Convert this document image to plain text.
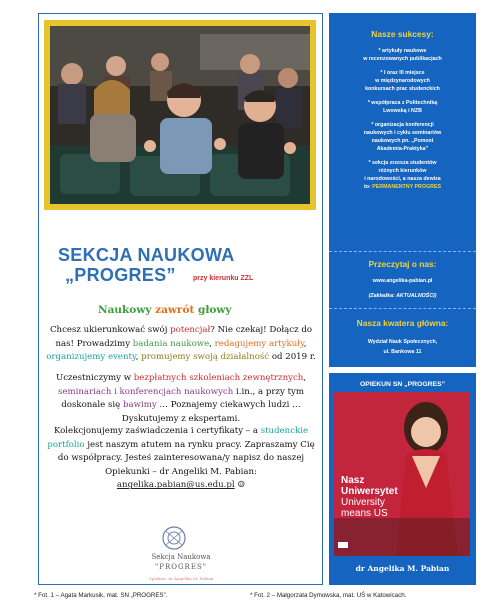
SEKCJA NAUKOWA
„PROGRES” przy kierunku ZZL
Naukowy zawrót głowy
Chcesz ukierunkować swój potencjał? Nie czekaj! Dołącz do nas! Prowadzimy badania naukowe, redagujemy artykuły, organizujemy eventy, promujemy swoją działalność od 2019 r.
Uczestniczymy w bezpłatnych szkoleniach zewnętrznych, seminariach i konferencjach naukowych i.in., a przy tym doskonale się bawimy … Poznajemy ciekawych ludzi … Dyskutujemy z ekspertami.
Kolekcjonujemy zaświadczenia i certyfikaty – a studenckie portfolio jest naszym atutem na rynku pracy. Zapraszamy Cię do współpracy. Jesteś zainteresowana/y napisz do naszej Opiekunki – dr Angeliki M. Pabian:
angelika.pabian@us.edu.pl ☺
Sekcja Naukowa
"PROGRES"
Opiekun: dr Angelika M. Pabian
Nasze sukcesy:
* artykuły naukowe
w recenzowanych publikacjach
* I oraz III miejsce
w międzynarodowych
konkursach prac studenckich
* współpraca z Politechniką
Lwowską i NZB
* organizacja konferencji
naukowych i cyklu seminariów
naukowych pn. „Pomost
Akademia-Praktyka”
* sekcja zrzesza studentów
różnych kierunków
i narodowości, a nasza dewiza
to: PERMANENTNY PROGRES
Przeczytaj o nas:
www.angelika-pabian.pl
(Zakładka: AKTUALNOŚCI)
Nasza kwatera główna:
Wydział Nauk Społecznych,
ul. Bankowa 11
OPIEKUN SN „PROGRES”
Nasz
Uniwersytet
University
means US
dr Angelika M. Pabian
* Fot. 1 – Agata Markusik, mat. SN „PROGRES”.	* Fot. 2 – Małgorzata Dymowska, mat. UŚ w Katowicach.
